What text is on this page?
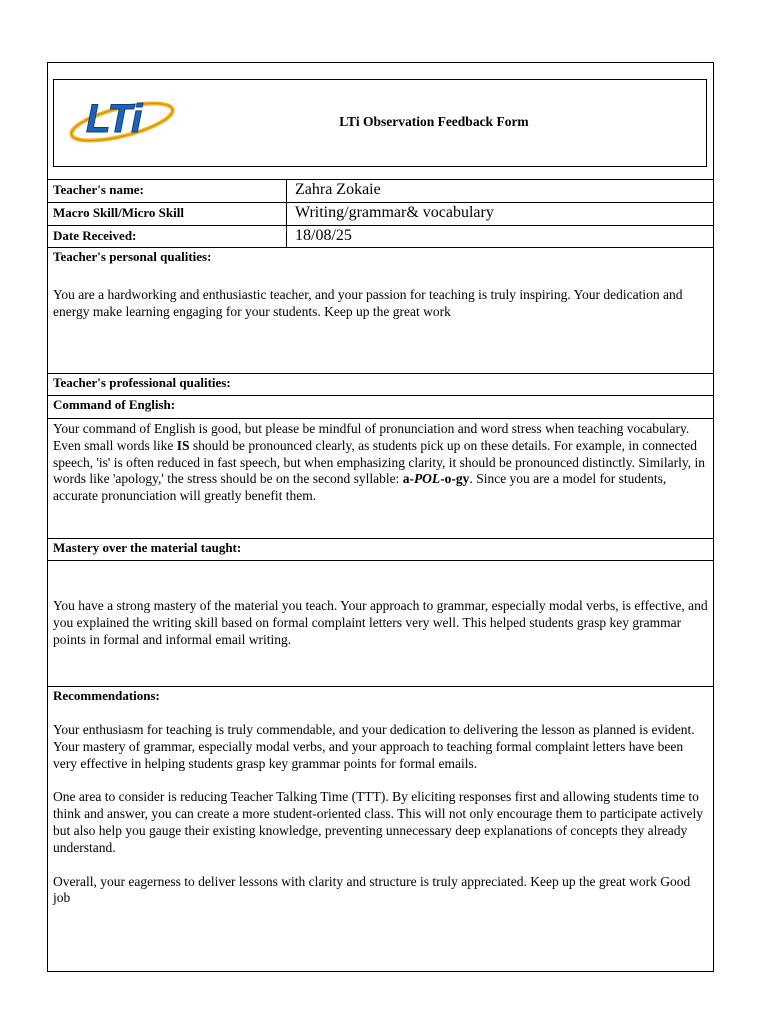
LTi	LTi Observation Feedback Form
Teacher's name:	Zahra Zokaie
Macro Skill/Micro Skill	Writing/grammar& vocabulary
Date Received:	18/08/25
Teacher's personal qualities:

You are a hardworking and enthusiastic teacher, and your passion for teaching is truly inspiring. Your dedication and energy make learning engaging for your students. Keep up the great work

Teacher's professional qualities:
Command of English:

Your command of English is good, but please be mindful of pronunciation and word stress when teaching vocabulary. Even small words like IS should be pronounced clearly, as students pick up on these details. For example, in connected speech, 'is' is often reduced in fast speech, but when emphasizing clarity, it should be pronounced distinctly. Similarly, in words like 'apology,' the stress should be on the second syllable: a-POL-o-gy. Since you are a model for students, accurate pronunciation will greatly benefit them.

Mastery over the material taught:

You have a strong mastery of the material you teach. Your approach to grammar, especially modal verbs, is effective, and you explained the writing skill based on formal complaint letters very well. This helped students grasp key grammar points in formal and informal email writing.

Recommendations:

Your enthusiasm for teaching is truly commendable, and your dedication to delivering the lesson as planned is evident. Your mastery of grammar, especially modal verbs, and your approach to teaching formal complaint letters have been very effective in helping students grasp key grammar points for formal emails.

One area to consider is reducing Teacher Talking Time (TTT). By eliciting responses first and allowing students time to think and answer, you can create a more student-oriented class. This will not only encourage them to participate actively but also help you gauge their existing knowledge, preventing unnecessary deep explanations of concepts they already understand.

Overall, your eagerness to deliver lessons with clarity and structure is truly appreciated. Keep up the great work Good job
